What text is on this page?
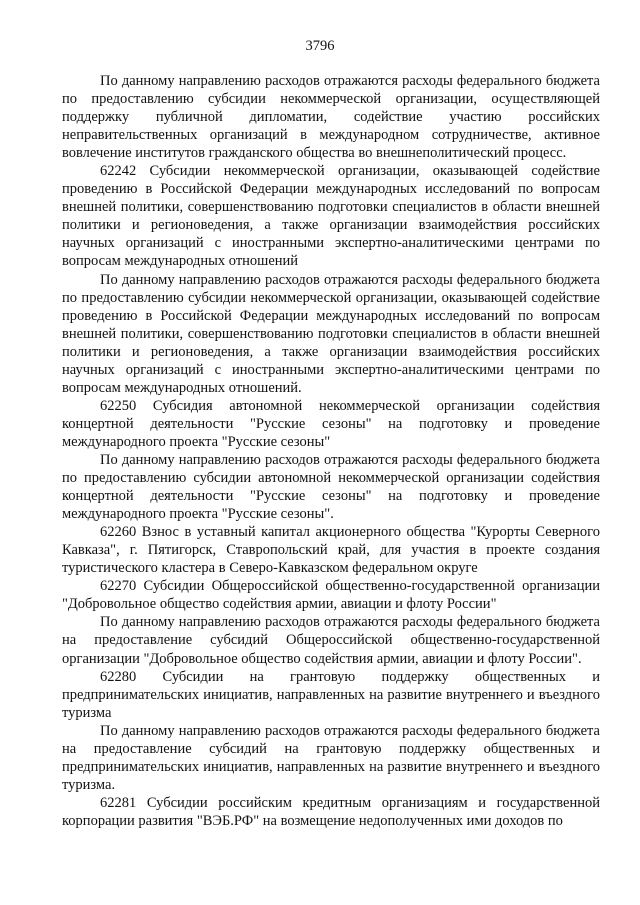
3796

По данному направлению расходов отражаются расходы федерального бюджета по предоставлению субсидии некоммерческой организации, осуществляющей поддержку публичной дипломатии, содействие участию российских неправительственных организаций в международном сотрудничестве, активное вовлечение институтов гражданского общества во внешнеполитический процесс.

62242 Субсидии некоммерческой организации, оказывающей содействие проведению в Российской Федерации международных исследований по вопросам внешней политики, совершенствованию подготовки специалистов в области внешней политики и регионоведения, а также организации взаимодействия российских научных организаций с иностранными экспертно-аналитическими центрами по вопросам международных отношений

По данному направлению расходов отражаются расходы федерального бюджета по предоставлению субсидии некоммерческой организации, оказывающей содействие проведению в Российской Федерации международных исследований по вопросам внешней политики, совершенствованию подготовки специалистов в области внешней политики и регионоведения, а также организации взаимодействия российских научных организаций с иностранными экспертно-аналитическими центрами по вопросам международных отношений.

62250 Субсидия автономной некоммерческой организации содействия концертной деятельности "Русские сезоны" на подготовку и проведение международного проекта "Русские сезоны"

По данному направлению расходов отражаются расходы федерального бюджета по предоставлению субсидии автономной некоммерческой организации содействия концертной деятельности "Русские сезоны" на подготовку и проведение международного проекта "Русские сезоны".

62260 Взнос в уставный капитал акционерного общества "Курорты Северного Кавказа", г. Пятигорск, Ставропольский край, для участия в проекте создания туристического кластера в Северо-Кавказском федеральном округе

62270 Субсидии Общероссийской общественно-государственной организации "Добровольное общество содействия армии, авиации и флоту России"

По данному направлению расходов отражаются расходы федерального бюджета на предоставление субсидий Общероссийской общественно-государственной организации "Добровольное общество содействия армии, авиации и флоту России".

62280 Субсидии на грантовую поддержку общественных и предпринимательских инициатив, направленных на развитие внутреннего и въездного туризма

По данному направлению расходов отражаются расходы федерального бюджета на предоставление субсидий на грантовую поддержку общественных и предпринимательских инициатив, направленных на развитие внутреннего и въездного туризма.

62281 Субсидии российским кредитным организациям и государственной корпорации развития "ВЭБ.РФ" на возмещение недополученных ими доходов по
